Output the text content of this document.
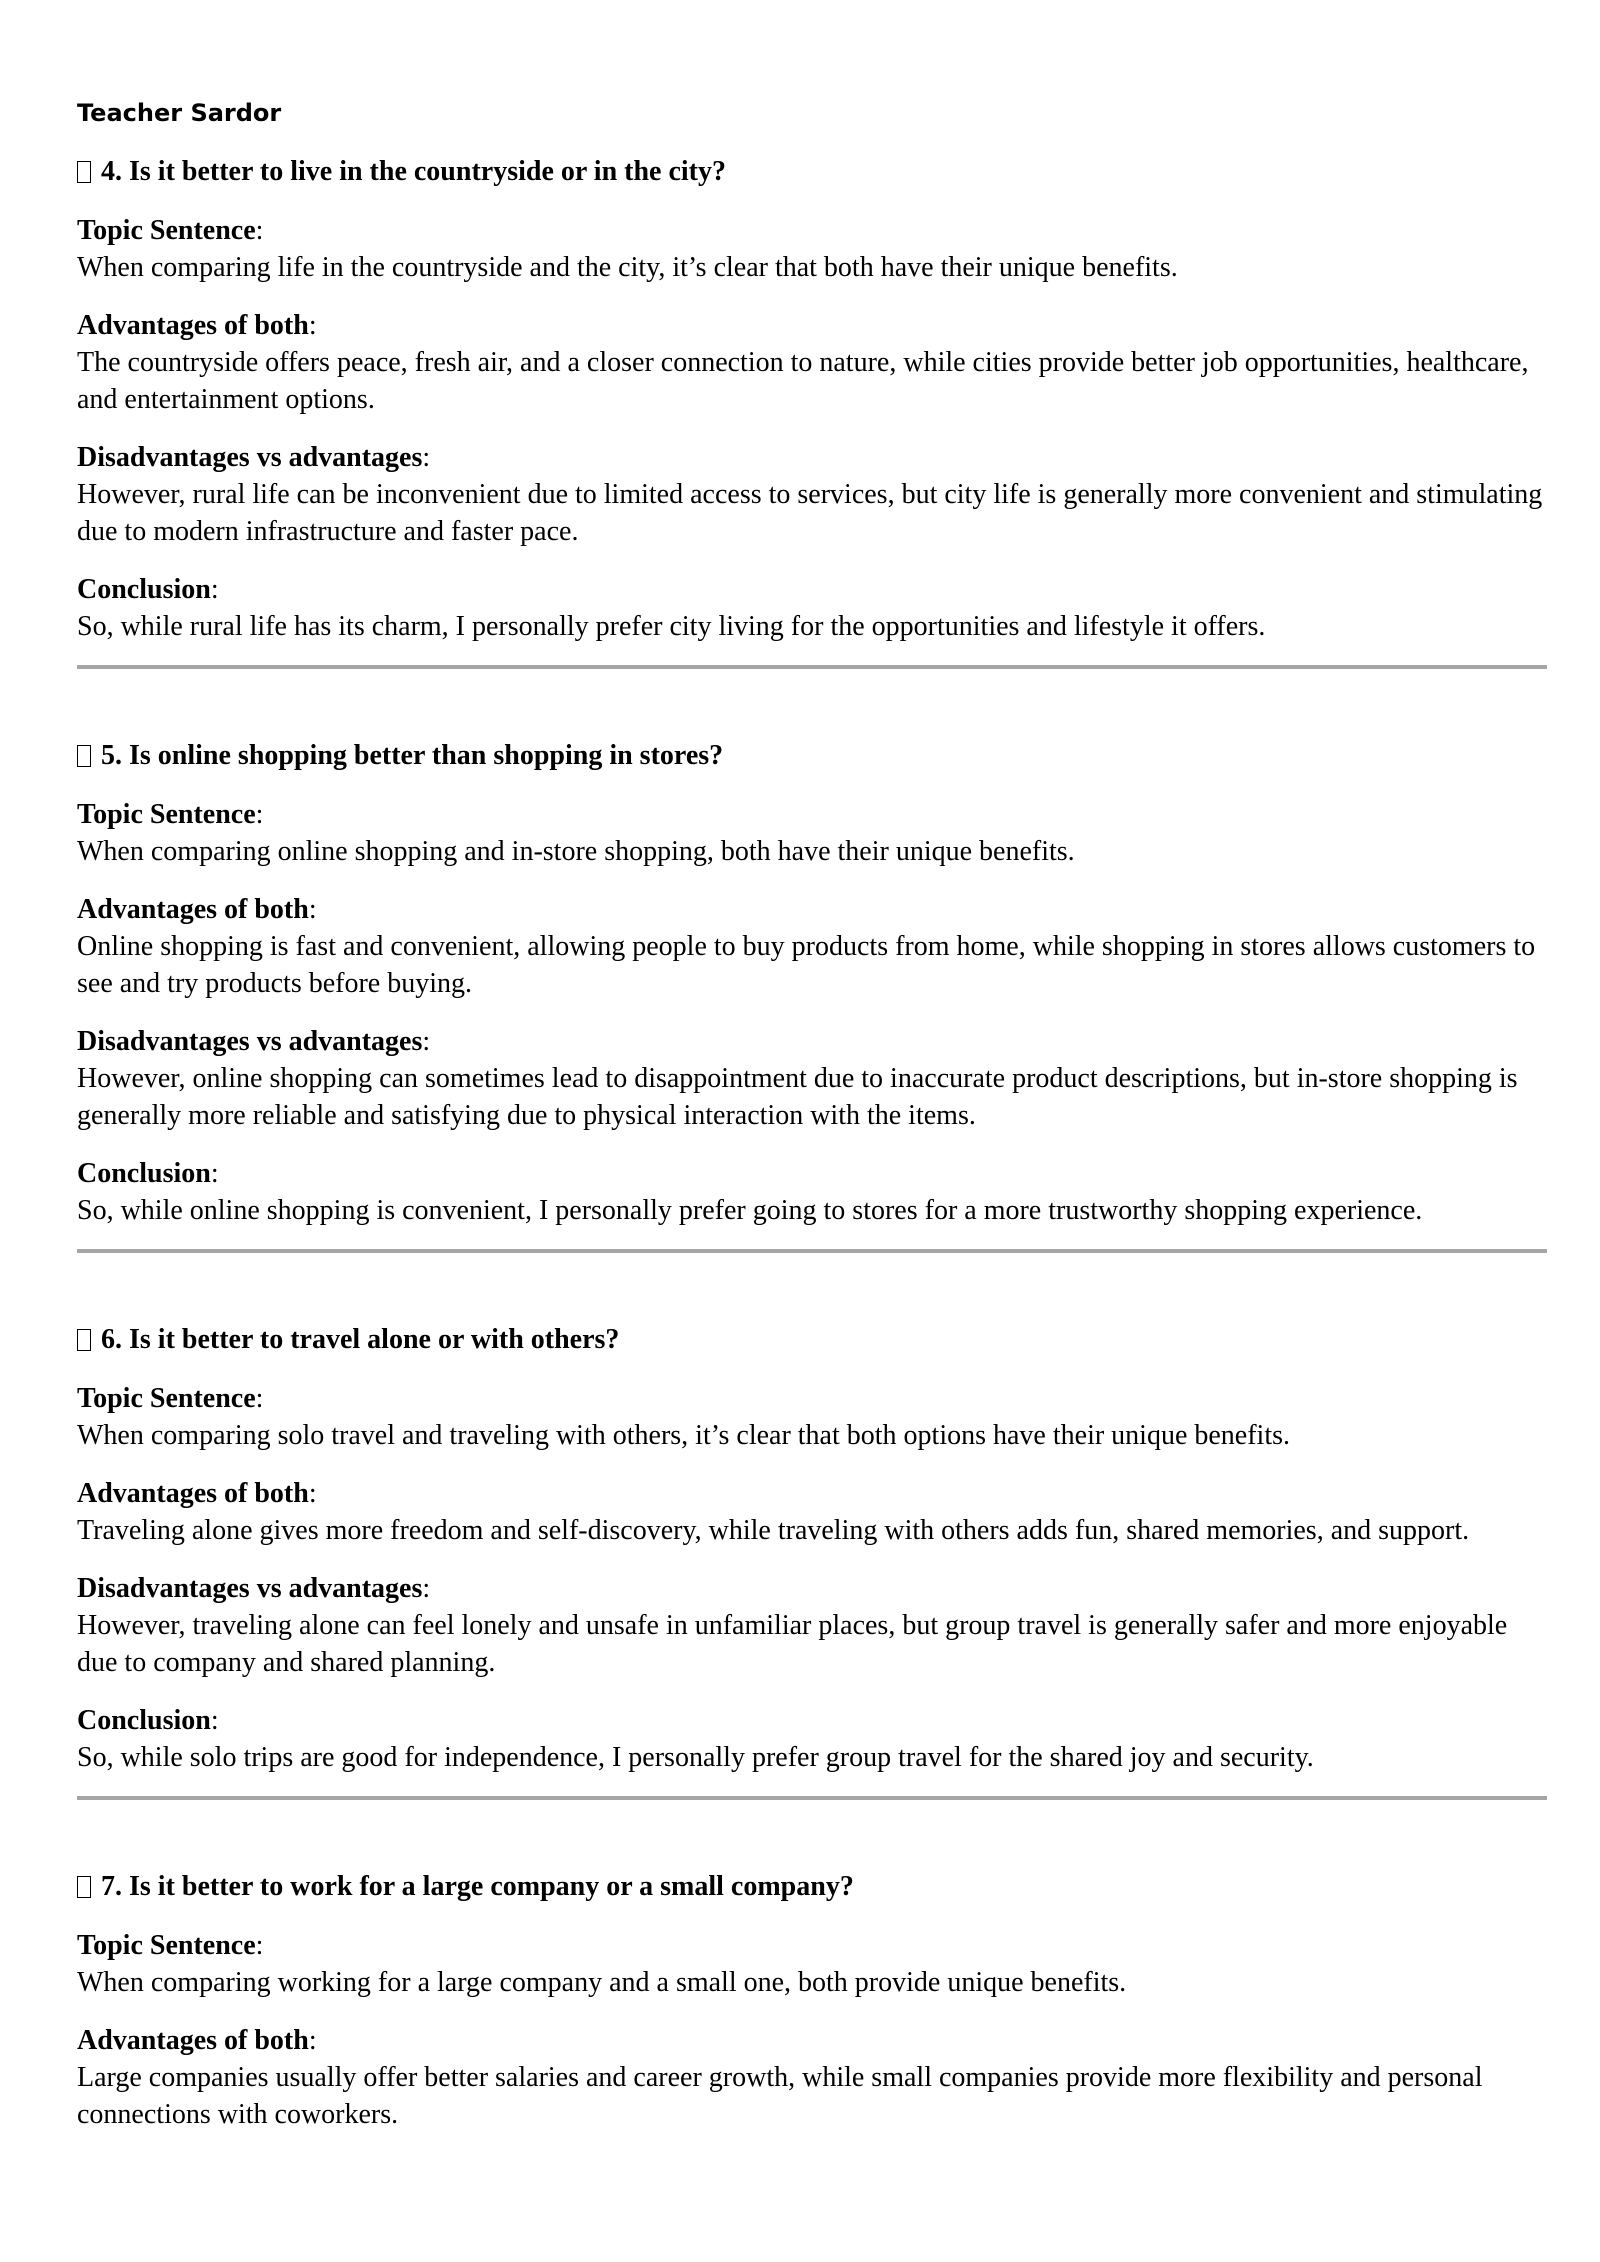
Teacher Sardor
4. Is it better to live in the countryside or in the city?
Topic Sentence:
When comparing life in the countryside and the city, it’s clear that both have their unique benefits.
Advantages of both:
The countryside offers peace, fresh air, and a closer connection to nature, while cities provide better job opportunities, healthcare, and entertainment options.
Disadvantages vs advantages:
However, rural life can be inconvenient due to limited access to services, but city life is generally more convenient and stimulating due to modern infrastructure and faster pace.
Conclusion:
So, while rural life has its charm, I personally prefer city living for the opportunities and lifestyle it offers.
5. Is online shopping better than shopping in stores?
Topic Sentence:
When comparing online shopping and in-store shopping, both have their unique benefits.
Advantages of both:
Online shopping is fast and convenient, allowing people to buy products from home, while shopping in stores allows customers to see and try products before buying.
Disadvantages vs advantages:
However, online shopping can sometimes lead to disappointment due to inaccurate product descriptions, but in-store shopping is generally more reliable and satisfying due to physical interaction with the items.
Conclusion:
So, while online shopping is convenient, I personally prefer going to stores for a more trustworthy shopping experience.
6. Is it better to travel alone or with others?
Topic Sentence:
When comparing solo travel and traveling with others, it’s clear that both options have their unique benefits.
Advantages of both:
Traveling alone gives more freedom and self-discovery, while traveling with others adds fun, shared memories, and support.
Disadvantages vs advantages:
However, traveling alone can feel lonely and unsafe in unfamiliar places, but group travel is generally safer and more enjoyable due to company and shared planning.
Conclusion:
So, while solo trips are good for independence, I personally prefer group travel for the shared joy and security.
7. Is it better to work for a large company or a small company?
Topic Sentence:
When comparing working for a large company and a small one, both provide unique benefits.
Advantages of both:
Large companies usually offer better salaries and career growth, while small companies provide more flexibility and personal connections with coworkers.
